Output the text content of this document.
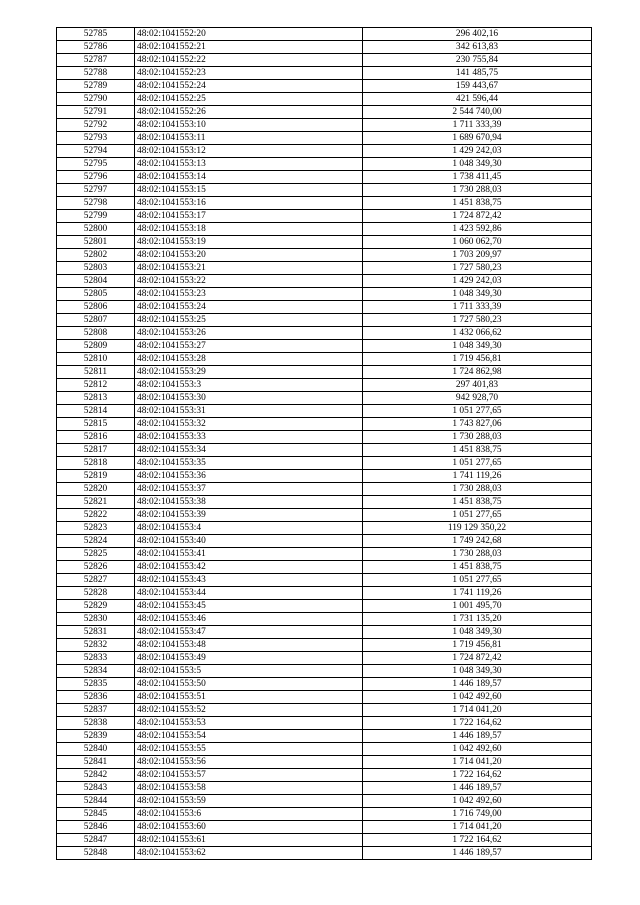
52785	48:02:1041552:20	296 402,16
52786	48:02:1041552:21	342 613,83
52787	48:02:1041552:22	230 755,84
52788	48:02:1041552:23	141 485,75
52789	48:02:1041552:24	159 443,67
52790	48:02:1041552:25	421 596,44
52791	48:02:1041552:26	2 544 740,00
52792	48:02:1041553:10	1 711 333,39
52793	48:02:1041553:11	1 689 670,94
52794	48:02:1041553:12	1 429 242,03
52795	48:02:1041553:13	1 048 349,30
52796	48:02:1041553:14	1 738 411,45
52797	48:02:1041553:15	1 730 288,03
52798	48:02:1041553:16	1 451 838,75
52799	48:02:1041553:17	1 724 872,42
52800	48:02:1041553:18	1 423 592,86
52801	48:02:1041553:19	1 060 062,70
52802	48:02:1041553:20	1 703 209,97
52803	48:02:1041553:21	1 727 580,23
52804	48:02:1041553:22	1 429 242,03
52805	48:02:1041553:23	1 048 349,30
52806	48:02:1041553:24	1 711 333,39
52807	48:02:1041553:25	1 727 580,23
52808	48:02:1041553:26	1 432 066,62
52809	48:02:1041553:27	1 048 349,30
52810	48:02:1041553:28	1 719 456,81
52811	48:02:1041553:29	1 724 862,98
52812	48:02:1041553:3	297 401,83
52813	48:02:1041553:30	942 928,70
52814	48:02:1041553:31	1 051 277,65
52815	48:02:1041553:32	1 743 827,06
52816	48:02:1041553:33	1 730 288,03
52817	48:02:1041553:34	1 451 838,75
52818	48:02:1041553:35	1 051 277,65
52819	48:02:1041553:36	1 741 119,26
52820	48:02:1041553:37	1 730 288,03
52821	48:02:1041553:38	1 451 838,75
52822	48:02:1041553:39	1 051 277,65
52823	48:02:1041553:4	119 129 350,22
52824	48:02:1041553:40	1 749 242,68
52825	48:02:1041553:41	1 730 288,03
52826	48:02:1041553:42	1 451 838,75
52827	48:02:1041553:43	1 051 277,65
52828	48:02:1041553:44	1 741 119,26
52829	48:02:1041553:45	1 001 495,70
52830	48:02:1041553:46	1 731 135,20
52831	48:02:1041553:47	1 048 349,30
52832	48:02:1041553:48	1 719 456,81
52833	48:02:1041553:49	1 724 872,42
52834	48:02:1041553:5	1 048 349,30
52835	48:02:1041553:50	1 446 189,57
52836	48:02:1041553:51	1 042 492,60
52837	48:02:1041553:52	1 714 041,20
52838	48:02:1041553:53	1 722 164,62
52839	48:02:1041553:54	1 446 189,57
52840	48:02:1041553:55	1 042 492,60
52841	48:02:1041553:56	1 714 041,20
52842	48:02:1041553:57	1 722 164,62
52843	48:02:1041553:58	1 446 189,57
52844	48:02:1041553:59	1 042 492,60
52845	48:02:1041553:6	1 716 749,00
52846	48:02:1041553:60	1 714 041,20
52847	48:02:1041553:61	1 722 164,62
52848	48:02:1041553:62	1 446 189,57
